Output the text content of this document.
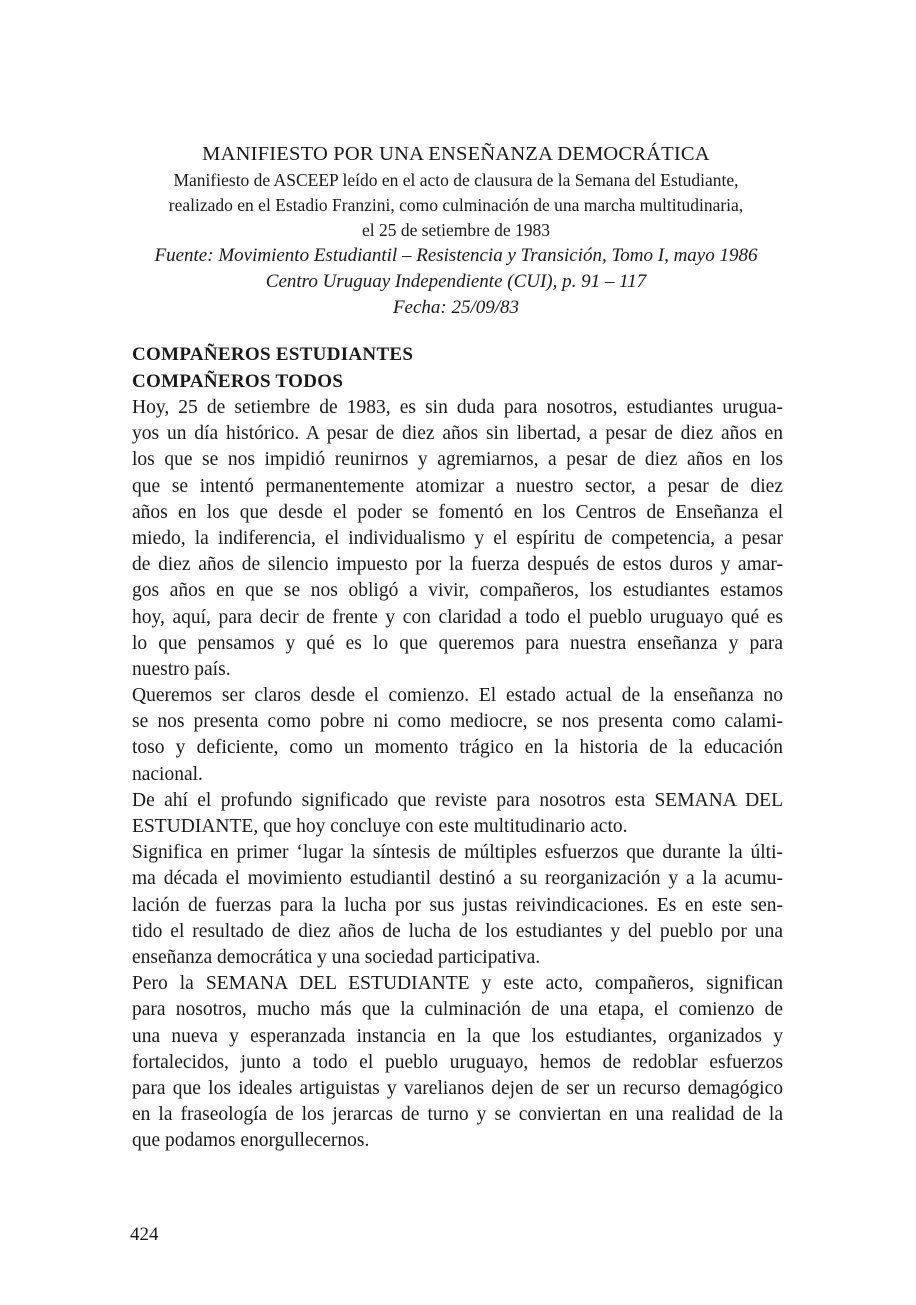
MANIFIESTO POR UNA ENSEÑANZA DEMOCRÁTICA
Manifiesto de ASCEEP leído en el acto de clausura de la Semana del Estudiante,
realizado en el Estadio Franzini, como culminación de una marcha multitudinaria,
el 25 de setiembre de 1983
Fuente: Movimiento Estudiantil – Resistencia y Transición, Tomo I, mayo 1986
Centro Uruguay Independiente (CUI), p. 91 – 117
Fecha: 25/09/83
COMPAÑEROS ESTUDIANTES
COMPAÑEROS TODOS
Hoy, 25 de setiembre de 1983, es sin duda para nosotros, estudiantes urugua-
yos un día histórico. A pesar de diez años sin libertad, a pesar de diez años en
los que se nos impidió reunirnos y agremiarnos, a pesar de diez años en los
que se intentó permanentemente atomizar a nuestro sector, a pesar de diez
años en los que desde el poder se fomentó en los Centros de Enseñanza el
miedo, la indiferencia, el individualismo y el espíritu de competencia, a pesar
de diez años de silencio impuesto por la fuerza después de estos duros y amar-
gos años en que se nos obligó a vivir, compañeros, los estudiantes estamos
hoy, aquí, para decir de frente y con claridad a todo el pueblo uruguayo qué es
lo que pensamos y qué es lo que queremos para nuestra enseñanza y para
nuestro país.
Queremos ser claros desde el comienzo. El estado actual de la enseñanza no
se nos presenta como pobre ni como mediocre, se nos presenta como calami-
toso y deficiente, como un momento trágico en la historia de la educación
nacional.
De ahí el profundo significado que reviste para nosotros esta SEMANA DEL
ESTUDIANTE, que hoy concluye con este multitudinario acto.
Significa en primer ‘lugar la síntesis de múltiples esfuerzos que durante la últi-
ma década el movimiento estudiantil destinó a su reorganización y a la acumu-
lación de fuerzas para la lucha por sus justas reivindicaciones. Es en este sen-
tido el resultado de diez años de lucha de los estudiantes y del pueblo por una
enseñanza democrática y una sociedad participativa.
Pero la SEMANA DEL ESTUDIANTE y este acto, compañeros, significan
para nosotros, mucho más que la culminación de una etapa, el comienzo de
una nueva y esperanzada instancia en la que los estudiantes, organizados y
fortalecidos, junto a todo el pueblo uruguayo, hemos de redoblar esfuerzos
para que los ideales artiguistas y varelianos dejen de ser un recurso demagógico
en la fraseología de los jerarcas de turno y se conviertan en una realidad de la
que podamos enorgullecernos.
424
